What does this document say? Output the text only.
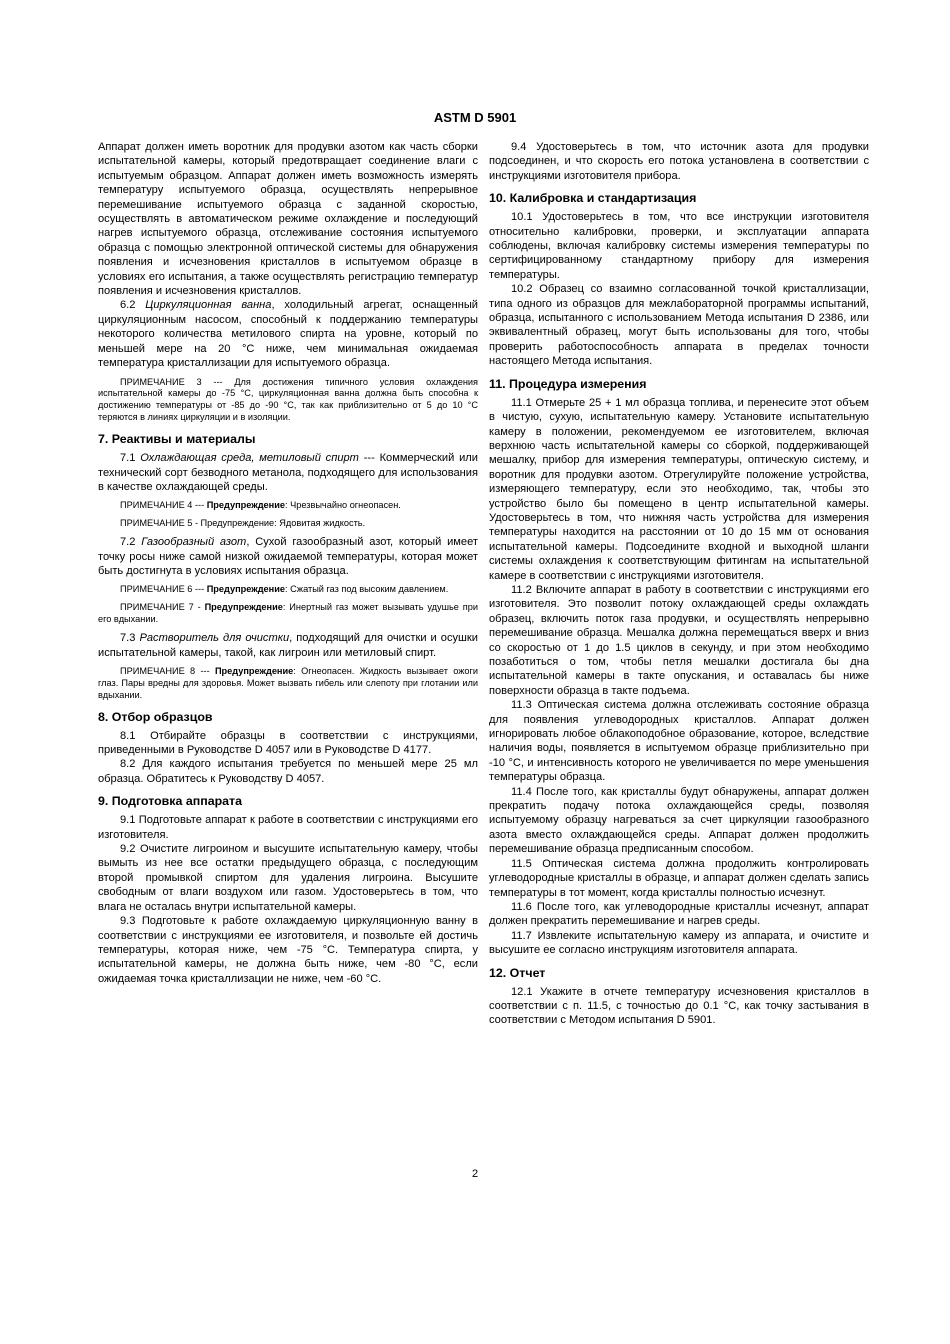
ASTM D 5901

Аппарат должен иметь воротник для продувки азотом как часть сборки испытательной камеры, который предотвращает соединение влаги с испытуемым образцом. Аппарат должен иметь возможность измерять температуру испытуемого образца, осуществлять непрерывное перемешивание испытуемого образца с заданной скоростью, осуществлять в автоматическом режиме охлаждение и последующий нагрев испытуемого образца, отслеживание состояния испытуемого образца с помощью электронной оптической системы для обнаружения появления и исчезновения кристаллов в испытуемом образце в условиях его испытания, а также осуществлять регистрацию температур появления и исчезновения кристаллов.

6.2 Циркуляционная ванна, холодильный агрегат, оснащенный циркуляционным насосом, способный к поддержанию температуры некоторого количества метилового спирта на уровне, который по меньшей мере на 20 °С ниже, чем минимальная ожидаемая температура кристаллизации для испытуемого образца.

ПРИМЕЧАНИЕ 3 --- Для достижения типичного условия охлаждения испытательной камеры до -75 °С, циркуляционная ванна должна быть способна к достижению температуры от -85 до -90 °С, так как приблизительно от 5 до 10 °С теряются в линиях циркуляции и в изоляции.

7. Реактивы и материалы

7.1 Охлаждающая среда, метиловый спирт --- Коммерческий или технический сорт безводного метанола, подходящего для использования в качестве охлаждающей среды.

ПРИМЕЧАНИЕ 4 --- Предупреждение: Чрезвычайно огнеопасен.

ПРИМЕЧАНИЕ 5 - Предупреждение: Ядовитая жидкость.

7.2 Газообразный азот, Сухой газообразный азот, который имеет точку росы ниже самой низкой ожидаемой температуры, которая может быть достигнута в условиях испытания образца.

ПРИМЕЧАНИЕ 6 --- Предупреждение: Сжатый газ под высоким давлением.

ПРИМЕЧАНИЕ 7 - Предупреждение: Инертный газ может вызывать удушье при его вдыхании.

7.3 Растворитель для очистки, подходящий для очистки и осушки испытательной камеры, такой, как лигроин или метиловый спирт.

ПРИМЕЧАНИЕ 8 --- Предупреждение: Огнеопасен. Жидкость вызывает ожоги глаз. Пары вредны для здоровья. Может вызвать гибель или слепоту при глотании или вдыхании.

8. Отбор образцов

8.1 Отбирайте образцы в соответствии с инструкциями, приведенными в Руководстве D 4057 или в Руководстве D 4177.

8.2 Для каждого испытания требуется по меньшей мере 25 мл образца. Обратитесь к Руководству D 4057.

9. Подготовка аппарата

9.1 Подготовьте аппарат к работе в соответствии с инструкциями его изготовителя.

9.2 Очистите лигроином и высушите испытательную камеру, чтобы вымыть из нее все остатки предыдущего образца, с последующим второй промывкой спиртом для удаления лигроина. Высушите свободным от влаги воздухом или газом. Удостоверьтесь в том, что влага не осталась внутри испытательной камеры.

9.3 Подготовьте к работе охлаждаемую циркуляционную ванну в соответствии с инструкциями ее изготовителя, и позвольте ей достичь температуры, которая ниже, чем -75 °С. Температура спирта, у испытательной камеры, не должна быть ниже, чем -80 °С, если ожидаемая точка кристаллизации не ниже, чем -60 °С.

9.4 Удостоверьтесь в том, что источник азота для продувки подсоединен, и что скорость его потока установлена в соответствии с инструкциями изготовителя прибора.

10. Калибровка и стандартизация

10.1 Удостоверьтесь в том, что все инструкции изготовителя относительно калибровки, проверки, и эксплуатации аппарата соблюдены, включая калибровку системы измерения температуры по сертифицированному стандартному прибору для измерения температуры.

10.2 Образец со взаимно согласованной точкой кристаллизации, типа одного из образцов для межлабораторной программы испытаний, образца, испытанного с использованием Метода испытания D 2386, или эквивалентный образец, могут быть использованы для того, чтобы проверить работоспособность аппарата в пределах точности настоящего Метода испытания.

11. Процедура измерения

11.1 Отмерьте 25 + 1 мл образца топлива, и перенесите этот объем в чистую, сухую, испытательную камеру. Установите испытательную камеру в положении, рекомендуемом ее изготовителем, включая верхнюю часть испытательной камеры со сборкой, поддерживающей мешалку, прибор для измерения температуры, оптическую систему, и воротник для продувки азотом. Отрегулируйте положение устройства, измеряющего температуру, если это необходимо, так, чтобы это устройство было бы помещено в центр испытательной камеры. Удостоверьтесь в том, что нижняя часть устройства для измерения температуры находится на расстоянии от 10 до 15 мм от основания испытательной камеры. Подсоедините входной и выходной шланги системы охлаждения к соответствующим фитингам на испытательной камере в соответствии с инструкциями изготовителя.

11.2 Включите аппарат в работу в соответствии с инструкциями его изготовителя. Это позволит потоку охлаждающей среды охлаждать образец, включить поток газа продувки, и осуществлять непрерывно перемешивание образца. Мешалка должна перемещаться вверх и вниз со скоростью от 1 до 1.5 циклов в секунду, и при этом необходимо позаботиться о том, чтобы петля мешалки достигала бы дна испытательной камеры в такте опускания, и оставалась бы ниже поверхности образца в такте подъема.

11.3 Оптическая система должна отслеживать состояние образца для появления углеводородных кристаллов. Аппарат должен игнорировать любое облакоподобное образование, которое, вследствие наличия воды, появляется в испытуемом образце приблизительно при -10 °С, и интенсивность которого не увеличивается по мере уменьшения температуры образца.

11.4 После того, как кристаллы будут обнаружены, аппарат должен прекратить подачу потока охлаждающейся среды, позволяя испытуемому образцу нагреваться за счет циркуляции газообразного азота вместо охлаждающейся среды. Аппарат должен продолжить перемешивание образца предписанным способом.

11.5 Оптическая система должна продолжить контролировать углеводородные кристаллы в образце, и аппарат должен сделать запись температуры в тот момент, когда кристаллы полностью исчезнут.

11.6 После того, как углеводородные кристаллы исчезнут, аппарат должен прекратить перемешивание и нагрев среды.

11.7 Извлеките испытательную камеру из аппарата, и очистите и высушите ее согласно инструкциям изготовителя аппарата.

12. Отчет

12.1 Укажите в отчете температуру исчезновения кристаллов в соответствии с п. 11.5, с точностью до 0.1 °С, как точку застывания в соответствии с Методом испытания D 5901.

2
